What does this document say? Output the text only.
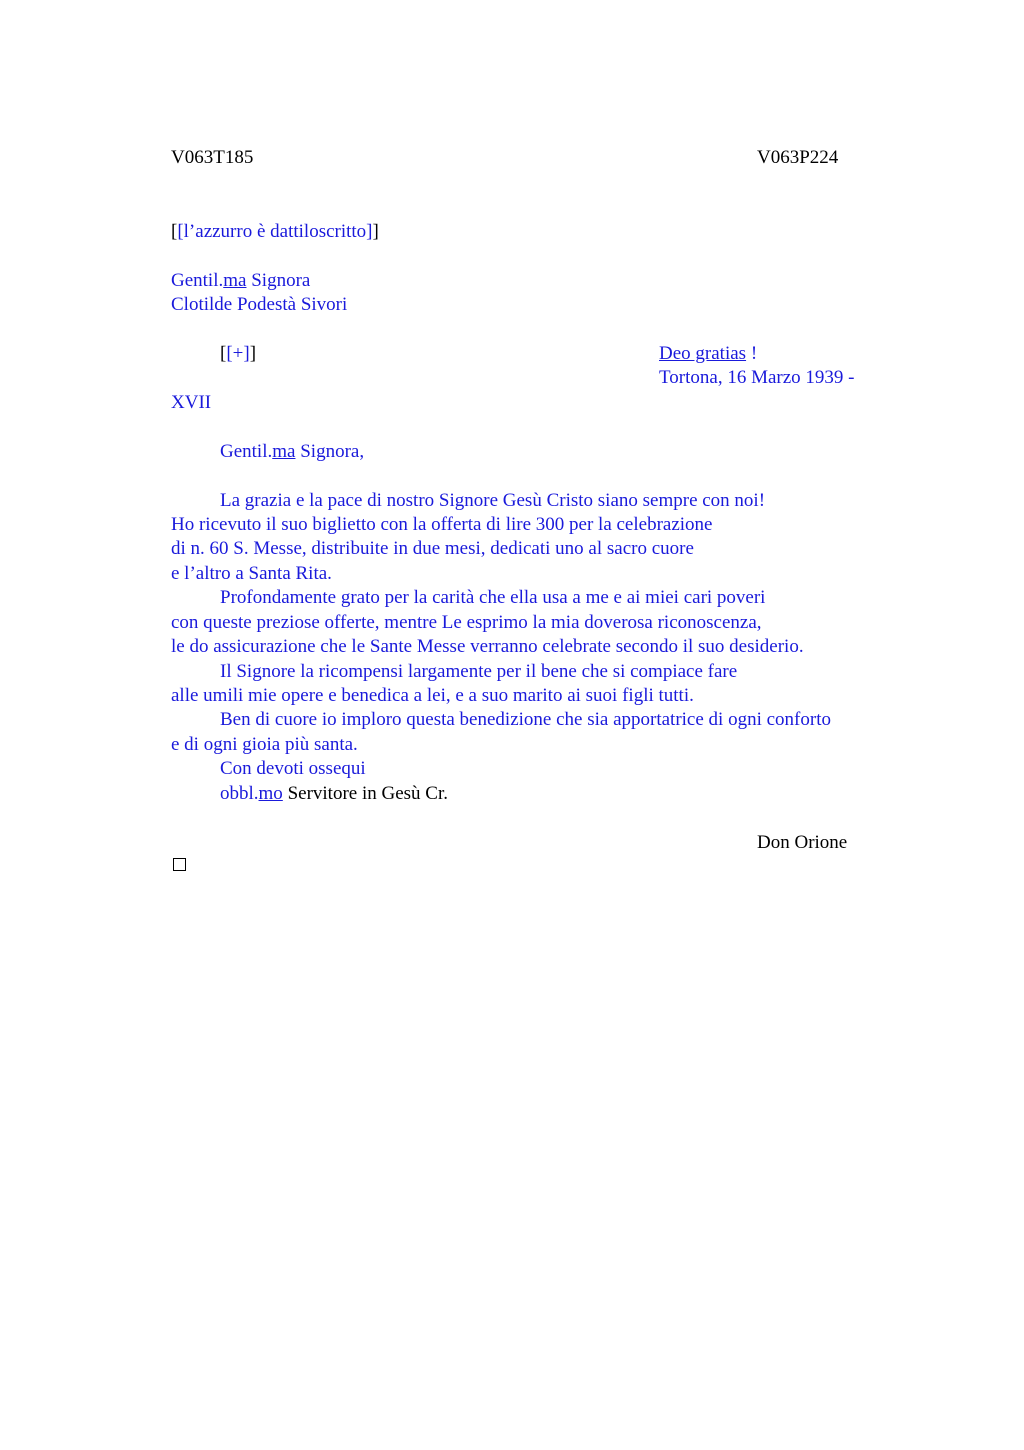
V063T185	V063P224
[[l’azzurro è dattiloscritto]]
Gentil.ma Signora
Clotilde Podestà Sivori
[[+]]	Deo gratias !
Tortona, 16 Marzo 1939 -
XVII
Gentil.ma Signora,
La grazia e la pace di nostro Signore Gesù Cristo siano sempre con noi!
Ho ricevuto il suo biglietto con la offerta di lire 300 per la celebrazione
di n. 60 S. Messe, distribuite in due mesi, dedicati uno al sacro cuore
e l’altro a Santa Rita.
Profondamente grato per la carità che ella usa a me e ai miei cari poveri
con queste preziose offerte, mentre Le esprimo la mia doverosa riconoscenza,
le do assicurazione che le Sante Messe verranno celebrate secondo il suo desiderio.
Il Signore la ricompensi largamente per il bene che si compiace fare
alle umili mie opere e benedica a lei, e a suo marito ai suoi figli tutti.
Ben di cuore io imploro questa benedizione che sia apportatrice di ogni conforto
e di ogni gioia più santa.
Con devoti ossequi
obbl.mo Servitore in Gesù Cr.
Don Orione
